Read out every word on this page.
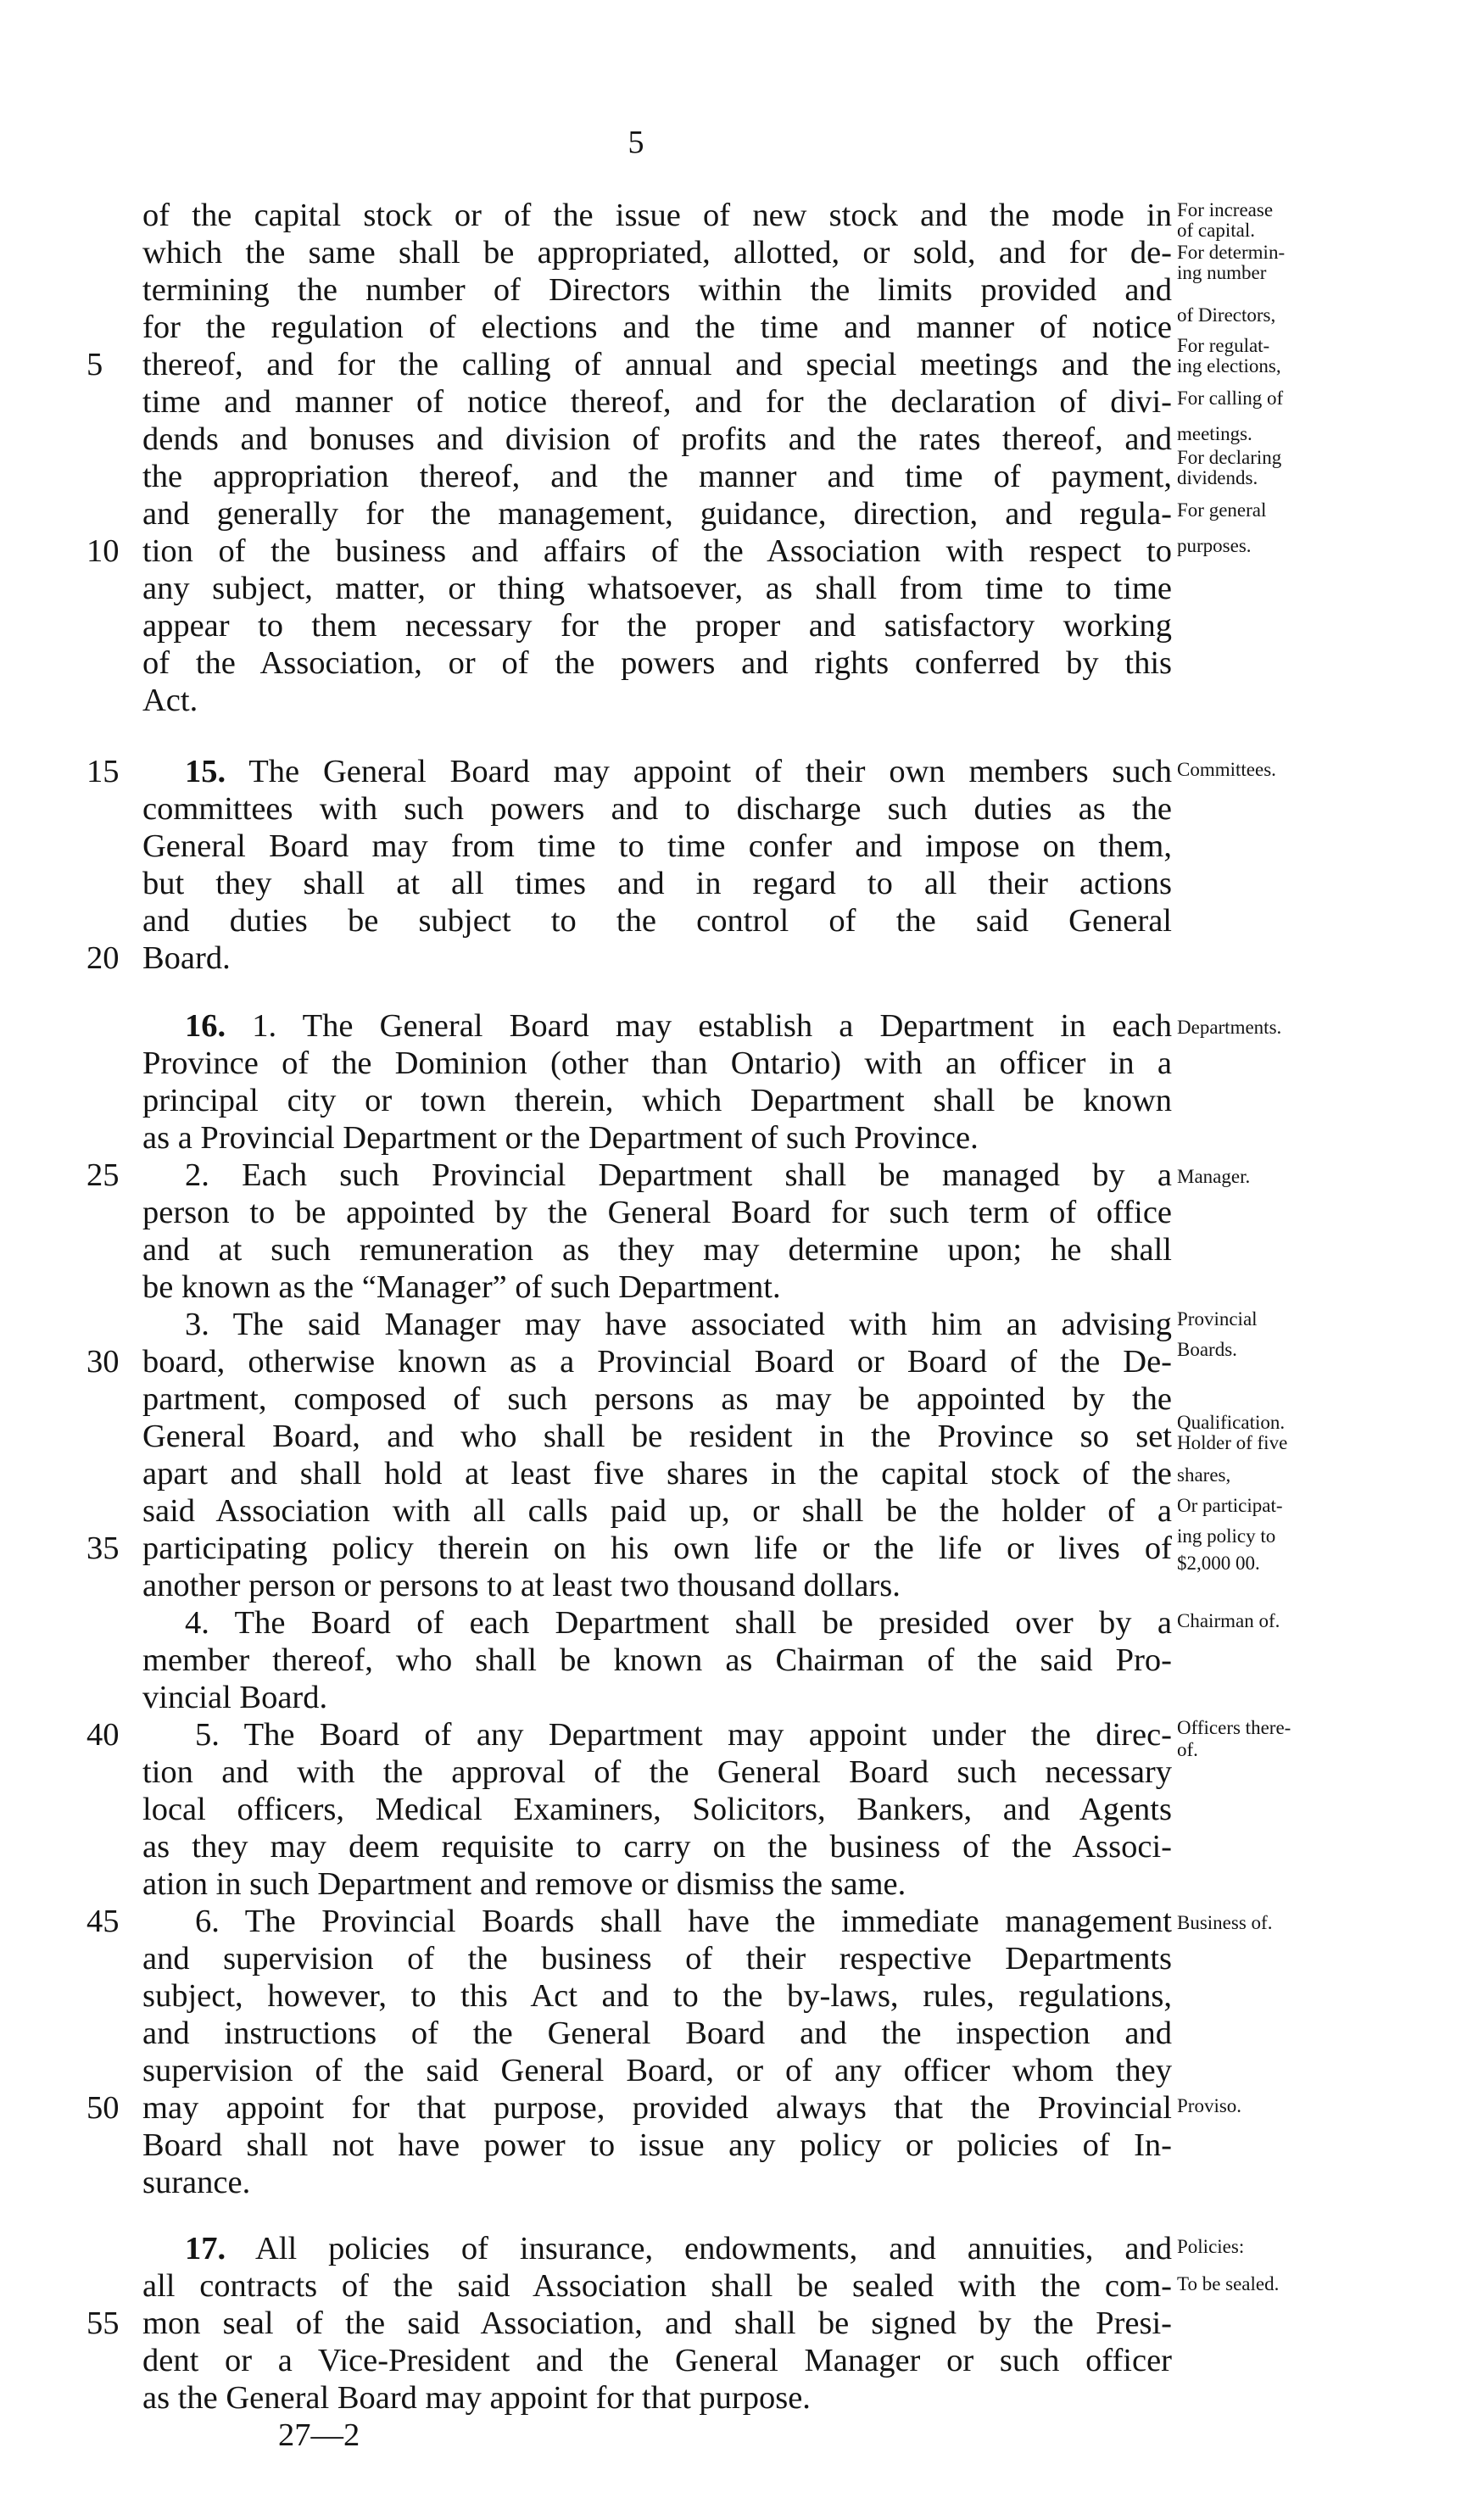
5
of the capital stock or of the issue of new stock and the mode in
which the same shall be appropriated, allotted, or sold, and for de-
termining the number of Directors within the limits provided and
for the regulation of elections and the time and manner of notice
5	thereof, and for the calling of annual and special meetings and the
time and manner of notice thereof, and for the declaration of divi-
dends and bonuses and division of profits and the rates thereof, and
the appropriation thereof, and the manner and time of payment,
and generally for the management, guidance, direction, and regula-
10 tion of the business and affairs of the Association with respect to
any subject, matter, or thing whatsoever, as shall from time to time
appear to them necessary for the proper and satisfactory working
of the Association, or of the powers and rights conferred by this
Act.
For increase
of capital.
For determin-
ing number
of Directors,
For regulat-
ing elections,
For calling of
meetings.
For declaring
dividends.
For general
purposes.
15	15. The General Board may appoint of their own members such
committees with such powers and to discharge such duties as the
General Board may from time to time confer and impose on them,
but they shall at all times and in regard to all their actions
and duties be subject to the control of the said General
20 Board.
Committees.
16. 1. The General Board may establish a Department in each
Province of the Dominion (other than Ontario) with an officer in a
principal city or town therein, which Department shall be known
as a Provincial Department or the Department of such Province.
25	2. Each such Provincial Department shall be managed by a
person to be appointed by the General Board for such term of office
and at such remuneration as they may determine upon; he shall
be known as the “Manager” of such Department.
3. The said Manager may have associated with him an advising
30 board, otherwise known as a Provincial Board or Board of the De-
partment, composed of such persons as may be appointed by the
General Board, and who shall be resident in the Province so set
apart and shall hold at least five shares in the capital stock of the
said Association with all calls paid up, or shall be the holder of a
35 participating policy therein on his own life or the life or lives of
another person or persons to at least two thousand dollars.
4. The Board of each Department shall be presided over by a
member thereof, who shall be known as Chairman of the said Pro-
vincial Board.
40	5. The Board of any Department may appoint under the direc-
tion and with the approval of the General Board such necessary
local officers, Medical Examiners, Solicitors, Bankers, and Agents
as they may deem requisite to carry on the business of the Associ-
ation in such Department and remove or dismiss the same.
45	6. The Provincial Boards shall have the immediate management
and supervision of the business of their respective Departments
subject, however, to this Act and to the by-laws, rules, regulations,
and instructions of the General Board and the inspection and
supervision of the said General Board, or of any officer whom they
50 may appoint for that purpose, provided always that the Provincial
Board shall not have power to issue any policy or policies of In-
surance.
Departments.
Manager.
Provincial
Boards.
Qualification.
Holder of five
shares,
Or participat-
ing policy to
$2,000 00.
Chairman of.
Officers there-
of.
Business of.
Proviso.
17. All policies of insurance, endowments, and annuities, and
all contracts of the said Association shall be sealed with the com-
55 mon seal of the said Association, and shall be signed by the Presi-
dent or a Vice-President and the General Manager or such officer
as the General Board may appoint for that purpose.
Policies:
To be sealed.
27—2
